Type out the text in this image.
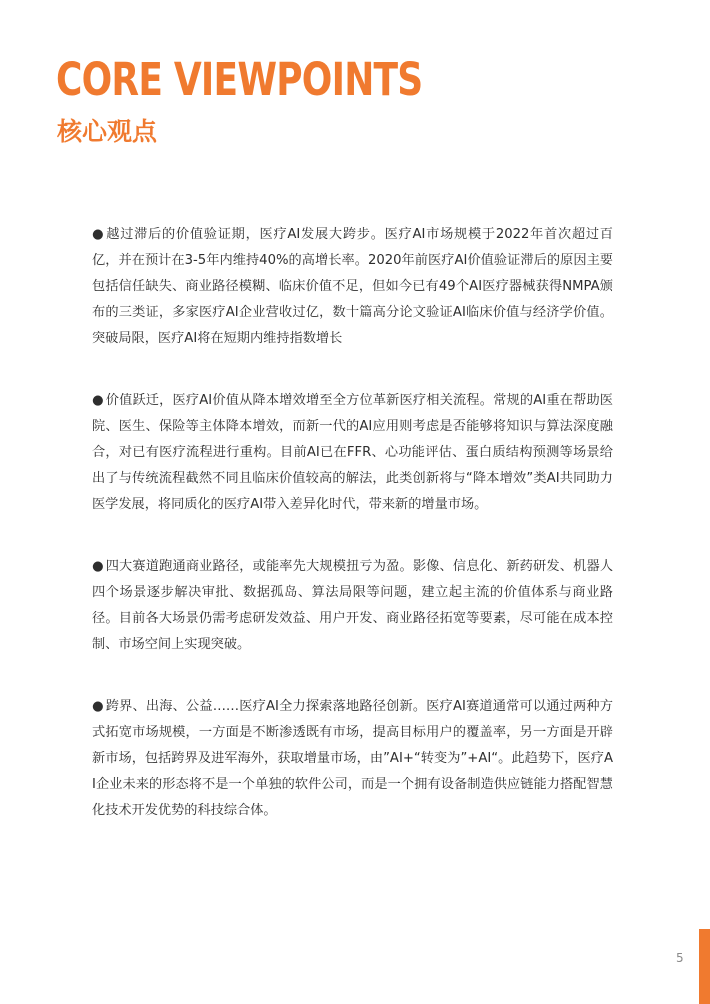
CORE VIEWPOINTS
核心观点

● 越过滞后的价值验证期，医疗AI发展大跨步。医疗AI市场规模于2022年首次超过百亿，并在预计在3-5年内维持40%的高增长率。2020年前医疗AI价值验证滞后的原因主要包括信任缺失、商业路径模糊、临床价值不足，但如今已有49个AI医疗器械获得NMPA颁布的三类证，多家医疗AI企业营收过亿，数十篇高分论文验证AI临床价值与经济学价值。突破局限，医疗AI将在短期内维持指数增长

● 价值跃迁，医疗AI价值从降本增效增至全方位革新医疗相关流程。常规的AI重在帮助医院、医生、保险等主体降本增效，而新一代的AI应用则考虑是否能够将知识与算法深度融合，对已有医疗流程进行重构。目前AI已在FFR、心功能评估、蛋白质结构预测等场景给出了与传统流程截然不同且临床价值较高的解法，此类创新将与“降本增效”类AI共同助力医学发展，将同质化的医疗AI带入差异化时代，带来新的增量市场。

● 四大赛道跑通商业路径，或能率先大规模扭亏为盈。影像、信息化、新药研发、机器人四个场景逐步解决审批、数据孤岛、算法局限等问题，建立起主流的价值体系与商业路径。目前各大场景仍需考虑研发效益、用户开发、商业路径拓宽等要素，尽可能在成本控制、市场空间上实现突破。

● 跨界、出海、公益……医疗AI全力探索落地路径创新。医疗AI赛道通常可以通过两种方式拓宽市场规模，一方面是不断渗透既有市场，提高目标用户的覆盖率，另一方面是开辟新市场，包括跨界及进军海外，获取增量市场，由”AI+“转变为”+AI“。此趋势下，医疗AI企业未来的形态将不是一个单独的软件公司，而是一个拥有设备制造供应链能力搭配智慧化技术开发优势的科技综合体。

5
